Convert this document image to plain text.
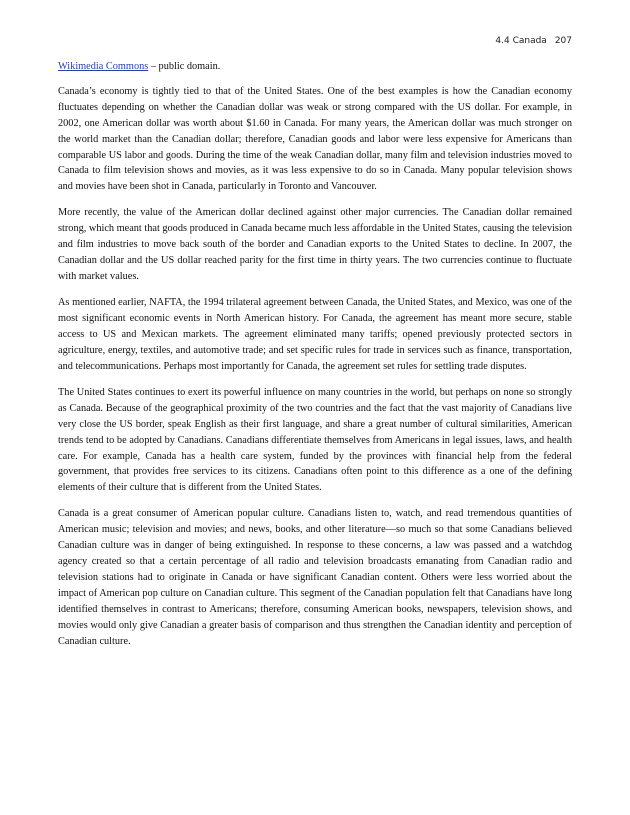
4.4 Canada 207

Wikimedia Commons – public domain.

Canada’s economy is tightly tied to that of the United States. One of the best examples is how the Canadian economy fluctuates depending on whether the Canadian dollar was weak or strong compared with the US dollar. For example, in 2002, one American dollar was worth about $1.60 in Canada. For many years, the American dollar was much stronger on the world market than the Canadian dollar; therefore, Canadian goods and labor were less expensive for Americans than comparable US labor and goods. During the time of the weak Canadian dollar, many film and television industries moved to Canada to film television shows and movies, as it was less expensive to do so in Canada. Many popular television shows and movies have been shot in Canada, particularly in Toronto and Vancouver.

More recently, the value of the American dollar declined against other major currencies. The Canadian dollar remained strong, which meant that goods produced in Canada became much less affordable in the United States, causing the television and film industries to move back south of the border and Canadian exports to the United States to decline. In 2007, the Canadian dollar and the US dollar reached parity for the first time in thirty years. The two currencies continue to fluctuate with market values.

As mentioned earlier, NAFTA, the 1994 trilateral agreement between Canada, the United States, and Mexico, was one of the most significant economic events in North American history. For Canada, the agreement has meant more secure, stable access to US and Mexican markets. The agreement eliminated many tariffs; opened previously protected sectors in agriculture, energy, textiles, and automotive trade; and set specific rules for trade in services such as finance, transportation, and telecommunications. Perhaps most importantly for Canada, the agreement set rules for settling trade disputes.

The United States continues to exert its powerful influence on many countries in the world, but perhaps on none so strongly as Canada. Because of the geographical proximity of the two countries and the fact that the vast majority of Canadians live very close the US border, speak English as their first language, and share a great number of cultural similarities, American trends tend to be adopted by Canadians. Canadians differentiate themselves from Americans in legal issues, laws, and health care. For example, Canada has a health care system, funded by the provinces with financial help from the federal government, that provides free services to its citizens. Canadians often point to this difference as a one of the defining elements of their culture that is different from the United States.

Canada is a great consumer of American popular culture. Canadians listen to, watch, and read tremendous quantities of American music; television and movies; and news, books, and other literature—so much so that some Canadians believed Canadian culture was in danger of being extinguished. In response to these concerns, a law was passed and a watchdog agency created so that a certain percentage of all radio and television broadcasts emanating from Canadian radio and television stations had to originate in Canada or have significant Canadian content. Others were less worried about the impact of American pop culture on Canadian culture. This segment of the Canadian population felt that Canadians have long identified themselves in contrast to Americans; therefore, consuming American books, newspapers, television shows, and movies would only give Canadian a greater basis of comparison and thus strengthen the Canadian identity and perception of Canadian culture.
